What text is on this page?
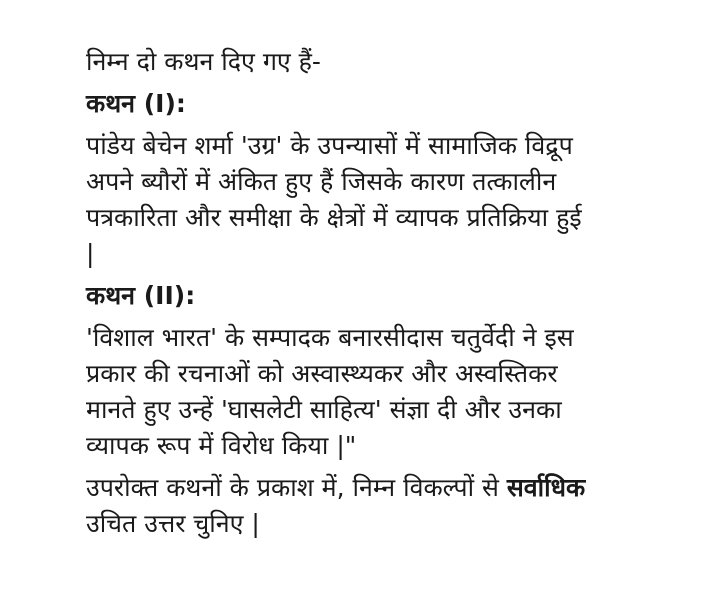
निम्न दो कथन दिए गए हैं-
कथन (I):
पांडेय बेचेन शर्मा 'उग्र' के उपन्यासों में सामाजिक विद्रूप
अपने ब्यौरों में अंकित हुए हैं जिसके कारण तत्कालीन
पत्रकारिता और समीक्षा के क्षेत्रों में व्यापक प्रतिक्रिया हुई
|
कथन (II):
'विशाल भारत' के सम्पादक बनारसीदास चतुर्वेदी ने इस
प्रकार की रचनाओं को अस्वास्थ्यकर और अस्वस्तिकर
मानते हुए उन्हें 'घासलेटी साहित्य' संज्ञा दी और उनका
व्यापक रूप में विरोध किया |"
उपरोक्त कथनों के प्रकाश में, निम्न विकल्पों से सर्वाधिक
उचित उत्तर चुनिए |
